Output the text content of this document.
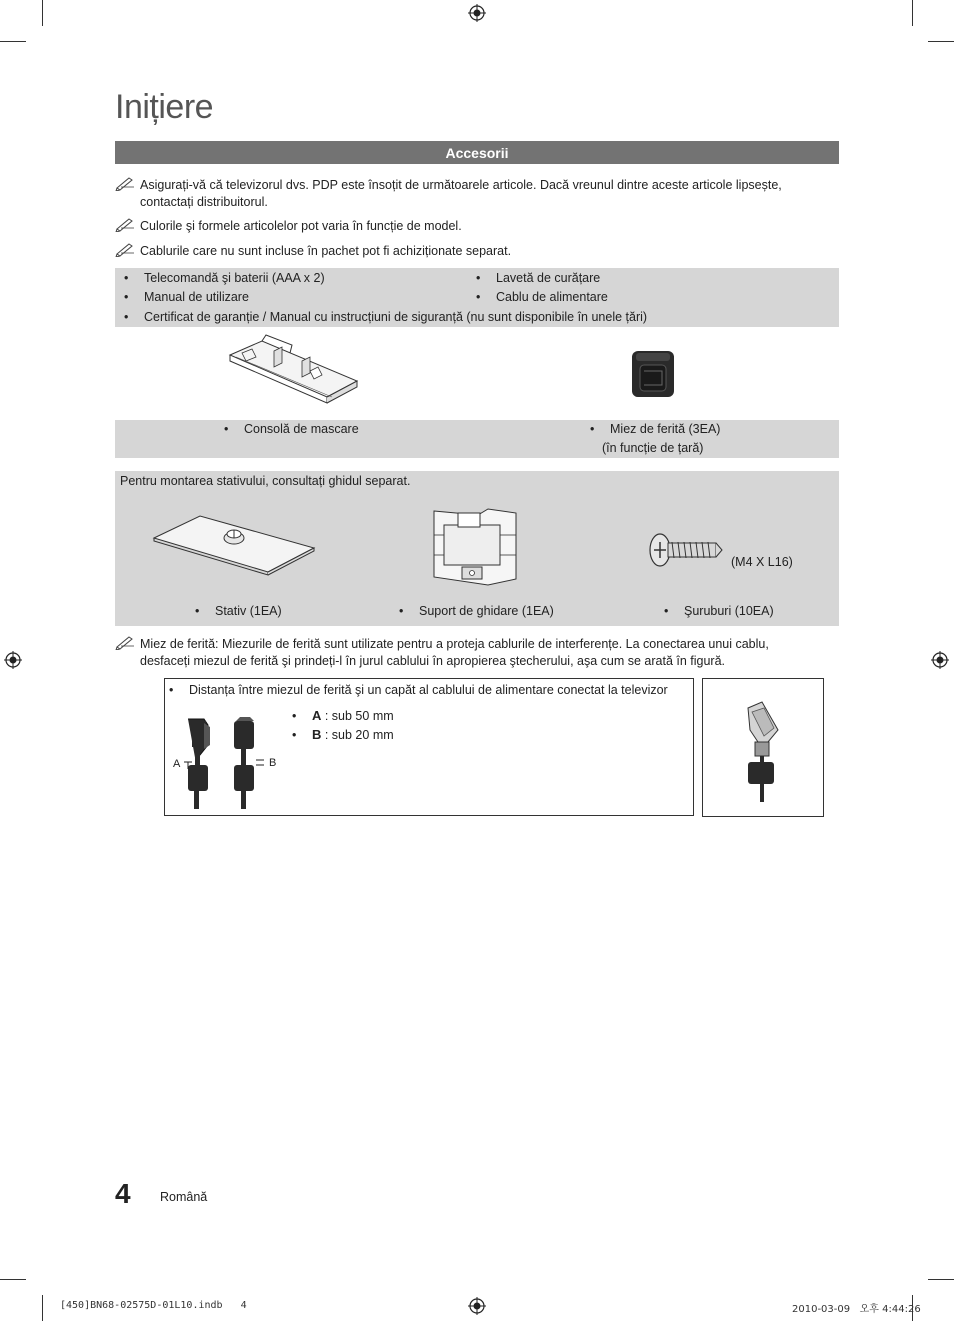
Inițiere
Accesorii
Asigurați-vă că televizorul dvs. PDP este însoțit de următoarele articole. Dacă vreunul dintre aceste articole lipsește,
contactați distribuitorul.
Culorile şi formele articolelor pot varia în funcție de model.
Cablurile care nu sunt incluse în pachet pot fi achiziționate separat.
• Telecomandă şi baterii (AAA x 2)
• Manual de utilizare
• Lavetă de curățare
• Cablu de alimentare
• Certificat de garanție / Manual cu instrucțiuni de siguranță (nu sunt disponibile în unele țări)
• Consolă de mascare	• Miez de ferită (3EA)
(în funcție de țară)
Pentru montarea stativului, consultați ghidul separat.
(M4 X L16)
• Stativ (1EA)	• Suport de ghidare (1EA)	• Şuruburi (10EA)
Miez de ferită: Miezurile de ferită sunt utilizate pentru a proteja cablurile de interferențe. La conectarea unui cablu,
desfaceți miezul de ferită şi prindeți-l în jurul cablului în apropierea ştecherului, aşa cum se arată în figură.
• Distanța între miezul de ferită şi un capăt al cablului de alimentare conectat la televizor
• A : sub 50 mm
• B : sub 20 mm
A	B
4 Română
[450]BN68-02575D-01L10.indb   4	2010-03-09   오후 4:44:26
